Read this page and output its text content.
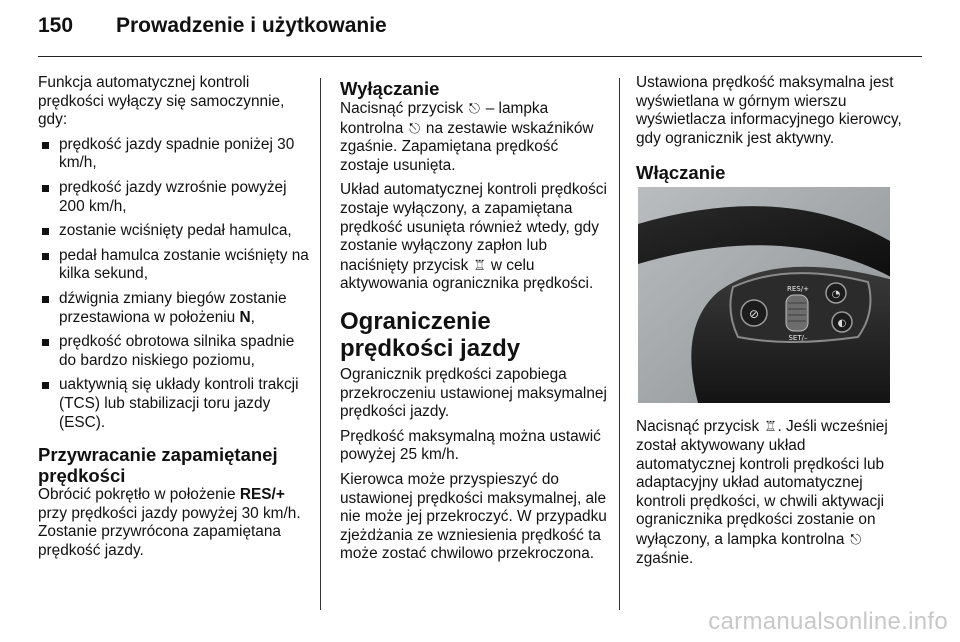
150 Prowadzenie i użytkowanie

Funkcja automatycznej kontroli prędkości wyłączy się samoczynnie, gdy:

prędkość jazdy spadnie poniżej 30 km/h,
prędkość jazdy wzrośnie powyżej 200 km/h,
zostanie wciśnięty pedał hamulca,
pedał hamulca zostanie wciśnięty na kilka sekund,
dźwignia zmiany biegów zostanie przestawiona w położeniu N,
prędkość obrotowa silnika spadnie do bardzo niskiego poziomu,
uaktywnią się układy kontroli trakcji (TCS) lub stabilizacji toru jazdy (ESC).
Przywracanie zapamiętanej prędkości

Obrócić pokrętło w położenie RES/+ przy prędkości jazdy powyżej 30 km/h. Zostanie przywrócona zapamiętana prędkość jazdy.

Wyłączanie

Nacisnąć przycisk ⎋ – lampka kontrolna ⎋ na zestawie wskaźników zgaśnie. Zapamiętana prędkość zostaje usunięta.

Układ automatycznej kontroli prędkości zostaje wyłączony, a zapamiętana prędkość usunięta również wtedy, gdy zostanie wyłączony zapłon lub naciśnięty przycisk ♖ w celu aktywowania ogranicznika prędkości.

Ograniczenie prędkości jazdy

Ogranicznik prędkości zapobiega przekroczeniu ustawionej maksymalnej prędkości jazdy.

Prędkość maksymalną można ustawić powyżej 25 km/h.

Kierowca może przyspieszyć do ustawionej prędkości maksymalnej, ale nie może jej przekroczyć. W przypadku zjeżdżania ze wzniesienia prędkość ta może zostać chwilowo przekroczona.

Ustawiona prędkość maksymalna jest wyświetlana w górnym wierszu wyświetlacza informacyjnego kierowcy, gdy ogranicznik jest aktywny.

Włączanie
⊘
RES/+
SET/–
◔
◐

Nacisnąć przycisk ♖. Jeśli wcześniej został aktywowany układ automatycznej kontroli prędkości lub adaptacyjny układ automatycznej kontroli prędkości, w chwili aktywacji ogranicznika prędkości zostanie on wyłączony, a lampka kontrolna ⎋ zgaśnie.

carmanualsonline.info
